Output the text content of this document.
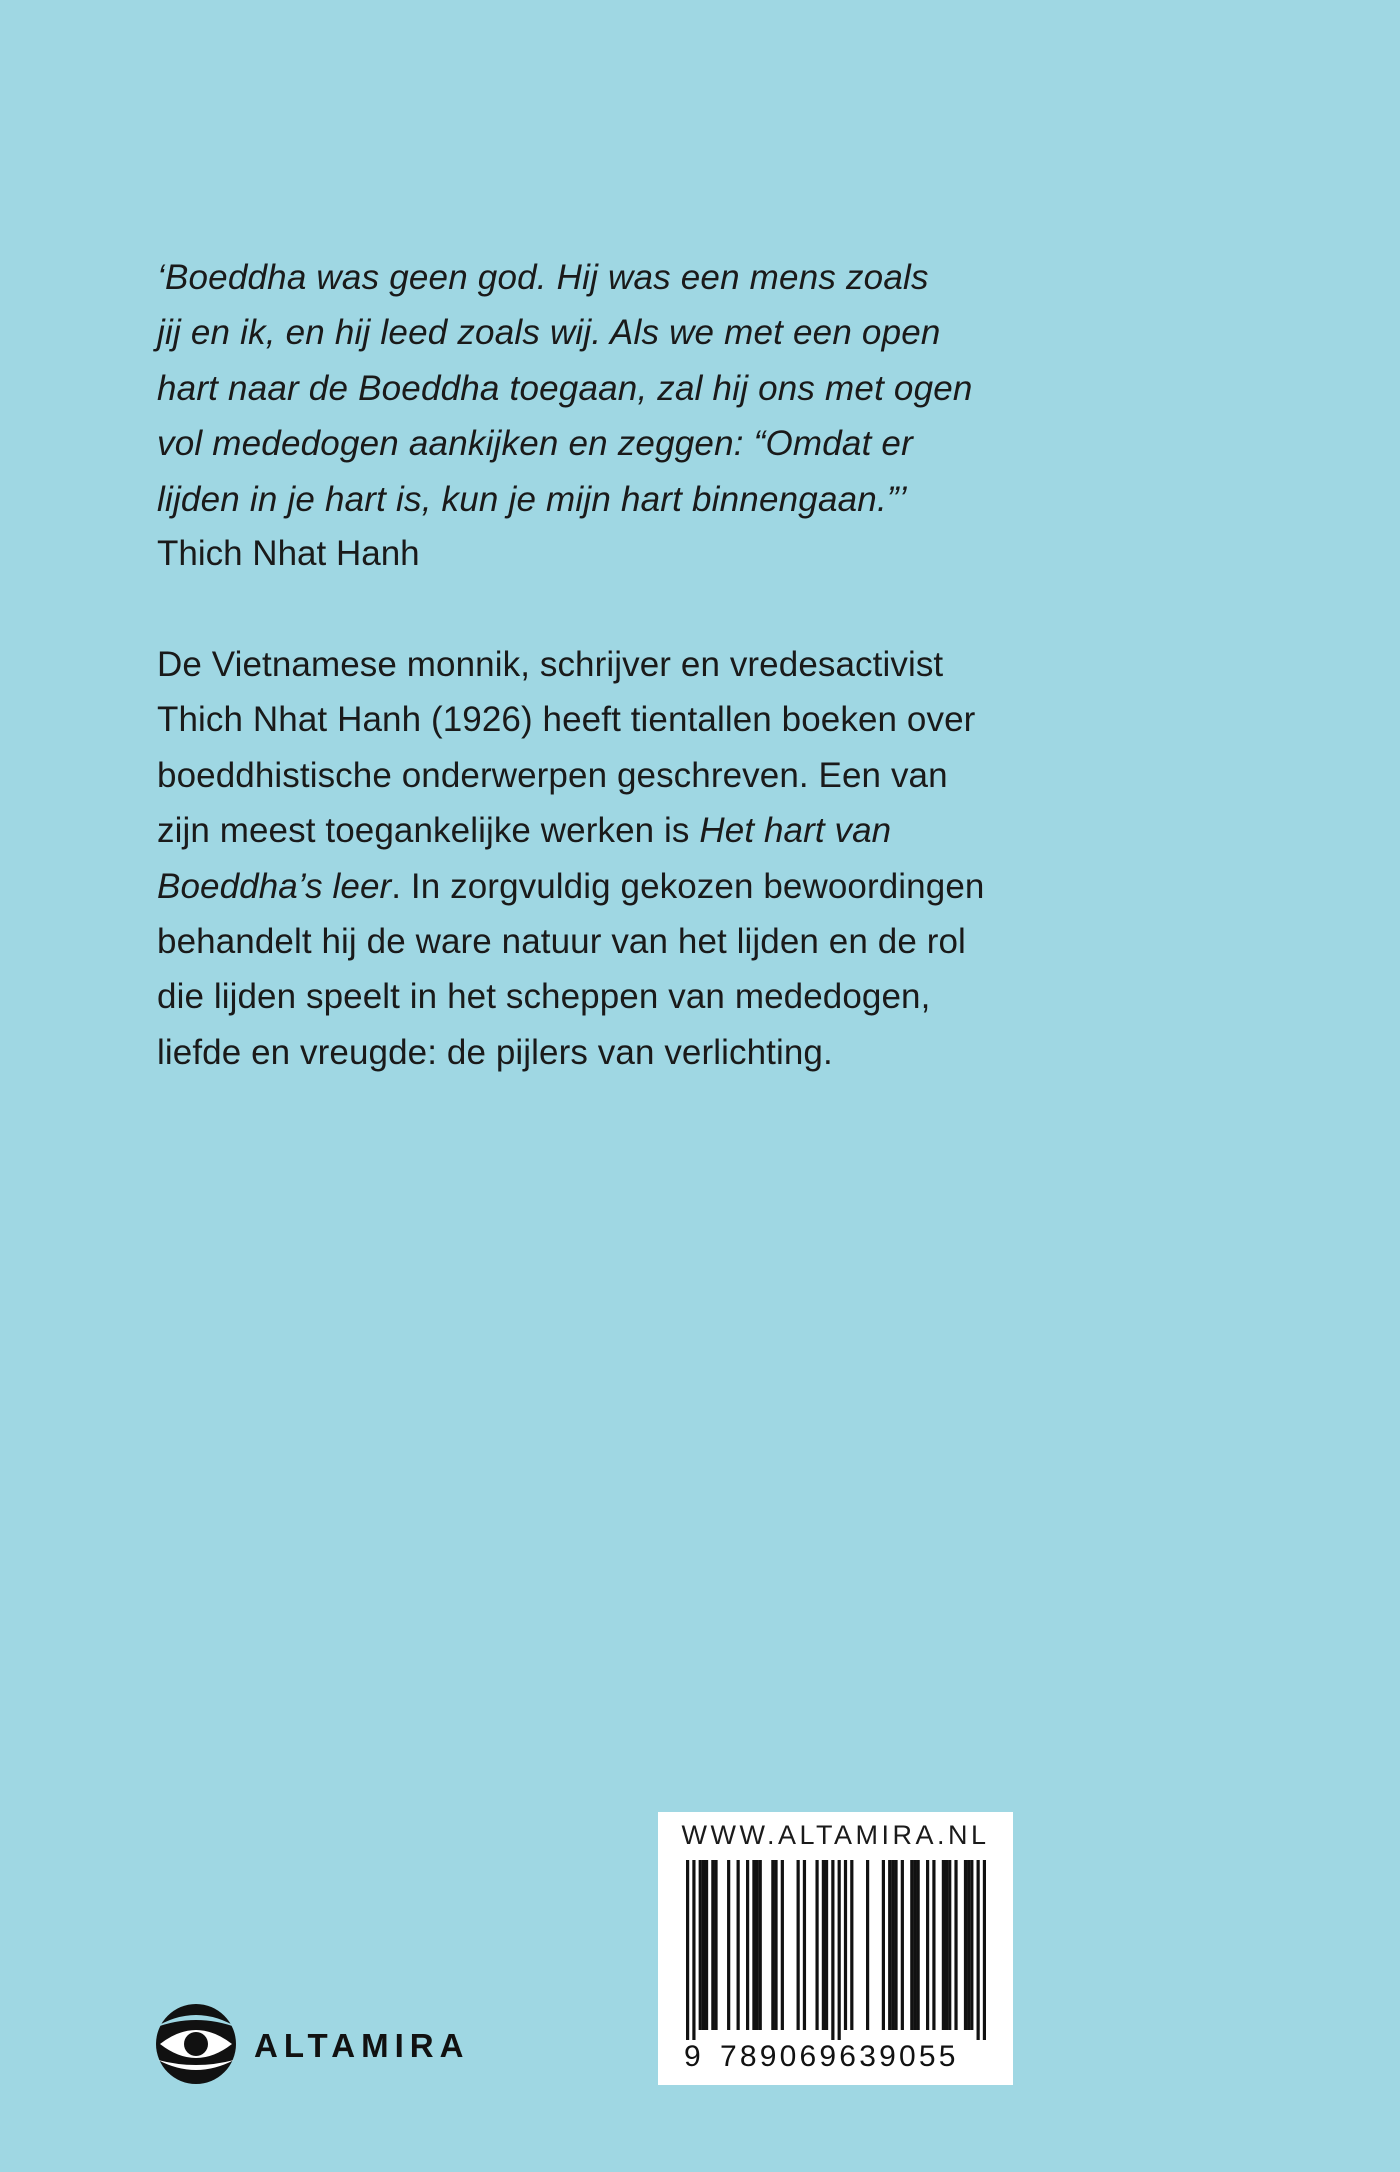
‘Boeddha was geen god. Hij was een mens zoals
jij en ik, en hij leed zoals wij. Als we met een open
hart naar de Boeddha toegaan, zal hij ons met ogen
vol mededogen aankijken en zeggen: “Omdat er
lijden in je hart is, kun je mijn hart binnengaan.”’
Thich Nhat Hanh
De Vietnamese monnik, schrijver en vredesactivist
Thich Nhat Hanh (1926) heeft tientallen boeken over
boeddhistische onderwerpen geschreven. Een van
zijn meest toegankelijke werken is Het hart van
Boeddha’s leer. In zorgvuldig gekozen bewoordingen
behandelt hij de ware natuur van het lijden en de rol
die lijden speelt in het scheppen van mededogen,
liefde en vreugde: de pijlers van verlichting.
WWW.ALTAMIRA.NL
9 789069639055
ALTAMIRA
